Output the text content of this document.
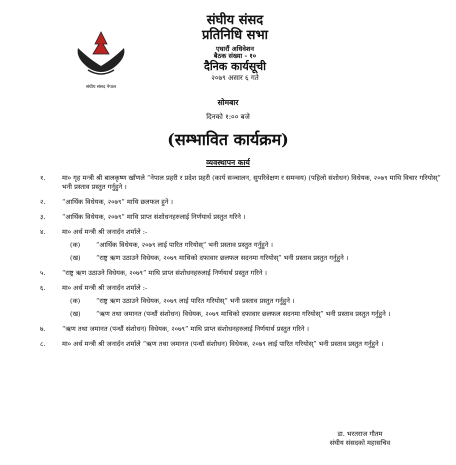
संघीय संसद नेपाल
संघीय संसद
प्रतिनिधि सभा
एघारौं अधिवेशन
बैठक संख्या - १०
दैनिक कार्यसूची
२०७९ असार ६ गते
सोमबार
दिनको १:०० बजे
(सम्भावित कार्यक्रम)
व्यवस्थापन कार्य
१.	मा० गृह मन्त्री श्री बालकृष्ण खाँणले “नेपाल प्रहरी र प्रदेश प्रहरी (कार्य सञ्चालन, सुपरिवेक्षण र समन्वय) (पहिलो संशोधन) विधेयक, २०७९ माथि विचार गरियोस्” भनी प्रस्ताव प्रस्तुत गर्नुहुने ।
२.	“आर्थिक विधेयक, २०७९” माथि छलफल हुने ।
३.	“आर्थिक विधेयक, २०७९” माथि प्राप्त संशोधनहरुलाई निर्णयार्थ प्रस्तुत गरिने ।
४.	मा० अर्थ मन्त्री श्री जनार्दन शर्माले :-
(क)	“आर्थिक विधेयक, २०७९ लाई पारित गरियोस्” भनी प्रस्ताव प्रस्तुत गर्नुहुने ।
(ख)	“राष्ट्र ऋण उठाउने विधेयक, २०७९ माथिको दफावार छलफल सदनमा गरियोस्” भनी प्रस्ताव प्रस्तुत गर्नुहुने ।
५.	“राष्ट्र ऋण उठाउने विधेयक, २०७९” माथि प्राप्त संशोधनहरुलाई निर्णयार्थ प्रस्तुत गरिने ।
६.	मा० अर्थ मन्त्री श्री जनार्दन शर्माले :-
(क)	“राष्ट्र ऋण उठाउने विधेयक, २०७९ लाई पारित गरियोस्” भनी प्रस्ताव प्रस्तुत गर्नुहुने ।
(ख)	“ऋण तथा जमानत (पन्धौं संशोधन) विधेयक, २०७९ माथिको दफावार छलफल सदनमा गरियोस्” भनी प्रस्ताव प्रस्तुत गर्नुहुने ।
७.	“ऋण तथा जमानत (पन्धौं संशोधन) विधेयक, २०७९” माथि प्राप्त संशोधनहरुलाई निर्णयार्थ प्रस्तुत गरिने ।
८.	मा० अर्थ मन्त्री श्री जनार्दन शर्माले “ऋण तथा जमानत (पन्धौं संशोधन) विधेयक, २०७९ लाई पारित गरियोस्” भनी प्रस्ताव प्रस्तुत गर्नुहुने ।
डा. भरतराज गौतम
संघीय संसदको महासचिव
